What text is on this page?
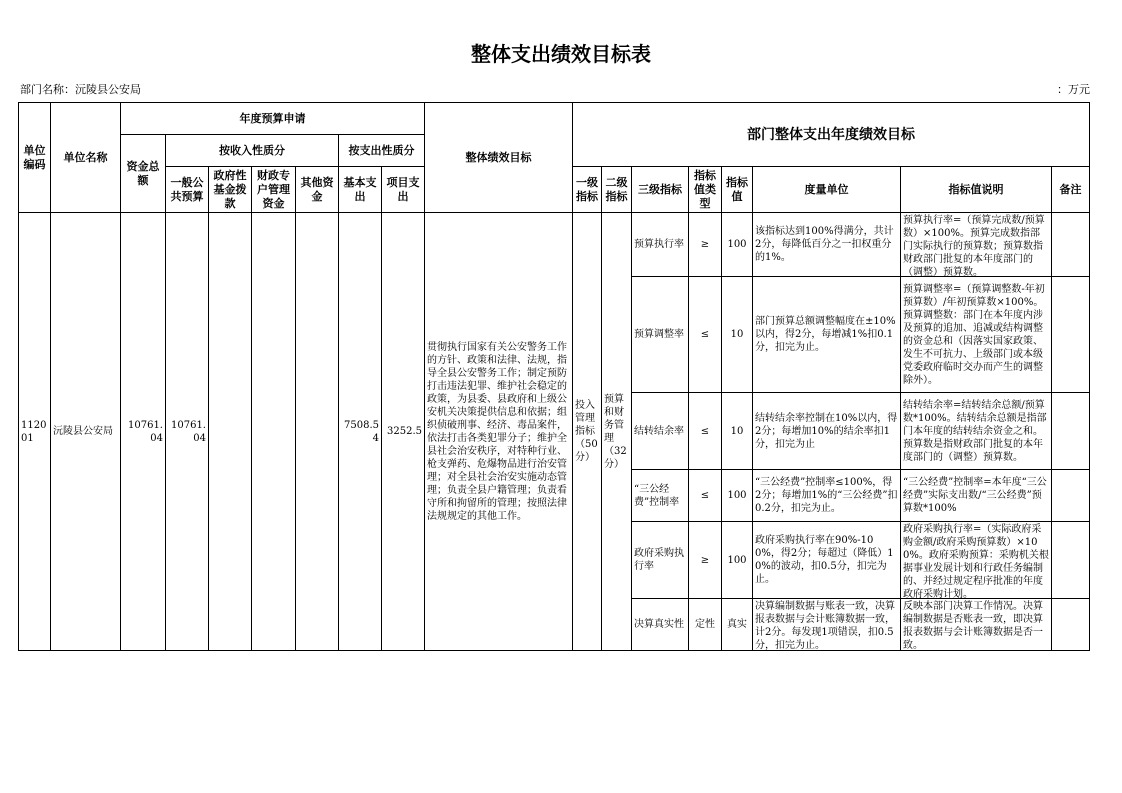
整体支出绩效目标表
部门名称：沅陵县公安局	：万元
单位编码	单位名称	年度预算申请							整体绩效目标	部门整体支出年度绩效目标							
		资金总额	按收入性质分				按支出性质分										
			一般公共预算	政府性基金拨款	财政专户管理资金	其他资金	基本支出	项目支出		一级指标	二级指标	三级指标	指标值类型	指标值	度量单位	指标值说明	备注
112001	沅陵县公安局	10761.04	10761.04				7508.54	3252.5	贯彻执行国家有关公安警务工作的方针、政策和法律、法规，指导全县公安警务工作；制定预防打击违法犯罪、维护社会稳定的政策，为县委、县政府和上级公安机关决策提供信息和依据；组织侦破刑事、经济、毒品案件，依法打击各类犯罪分子；维护全县社会治安秩序，对特种行业、枪支弹药、危爆物品进行治安管理；对全县社会治安实施动态管理；负责全县户籍管理；负责看守所和拘留所的管理；按照法律法规规定的其他工作。	投入管理指标（50分）	预算和财务管理（32分）	预算执行率	≥	100	该指标达到100%得满分，共计2分，每降低百分之一扣权重分的1%。	预算执行率=（预算完成数/预算数）×100%。预算完成数指部门实际执行的预算数；预算数指财政部门批复的本年度部门的（调整）预算数。	

												预算调整率	≤	10	部门预算总额调整幅度在±10%以内，得2分，每增减1%扣0.1分，扣完为止。	预算调整率=（预算调整数-年初预算数）/年初预算数×100%。预算调整数：部门在本年度内涉及预算的追加、追减或结构调整的资金总和（因落实国家政策、发生不可抗力、上级部门或本级党委政府临时交办而产生的调整除外）。	

												结转结余率	≤	10	结转结余率控制在10%以内，得2分；每增加10%的结余率扣1分，扣完为止	结转结余率=结转结余总额/预算数*100%。结转结余总额是指部门本年度的结转结余资金之和。预算数是指财政部门批复的本年度部门的（调整）预算数。	

												“三公经费”控制率	≤	100	“三公经费”控制率≤100%，得2分；每增加1%的“三公经费”扣0.2分，扣完为止。	“三公经费”控制率=本年度“三公经费”实际支出数/“三公经费”预算数*100%	

												政府采购执行率	≥	100	政府采购执行率在90%-100%，得2分；每超过（降低）10%的波动，扣0.5分，扣完为止。	政府采购执行率=（实际政府采购金额/政府采购预算数）×100%。政府采购预算：采购机关根据事业发展计划和行政任务编制的、并经过规定程序批准的年度政府采购计划。	

												决算真实性	定性	真实	决算编制数据与账表一致，决算报表数据与会计账簿数据一致，计2分。每发现1项错误，扣0.5分，扣完为止。	反映本部门决算工作情况。决算编制数据是否账表一致，即决算报表数据与会计账簿数据是否一致。	
